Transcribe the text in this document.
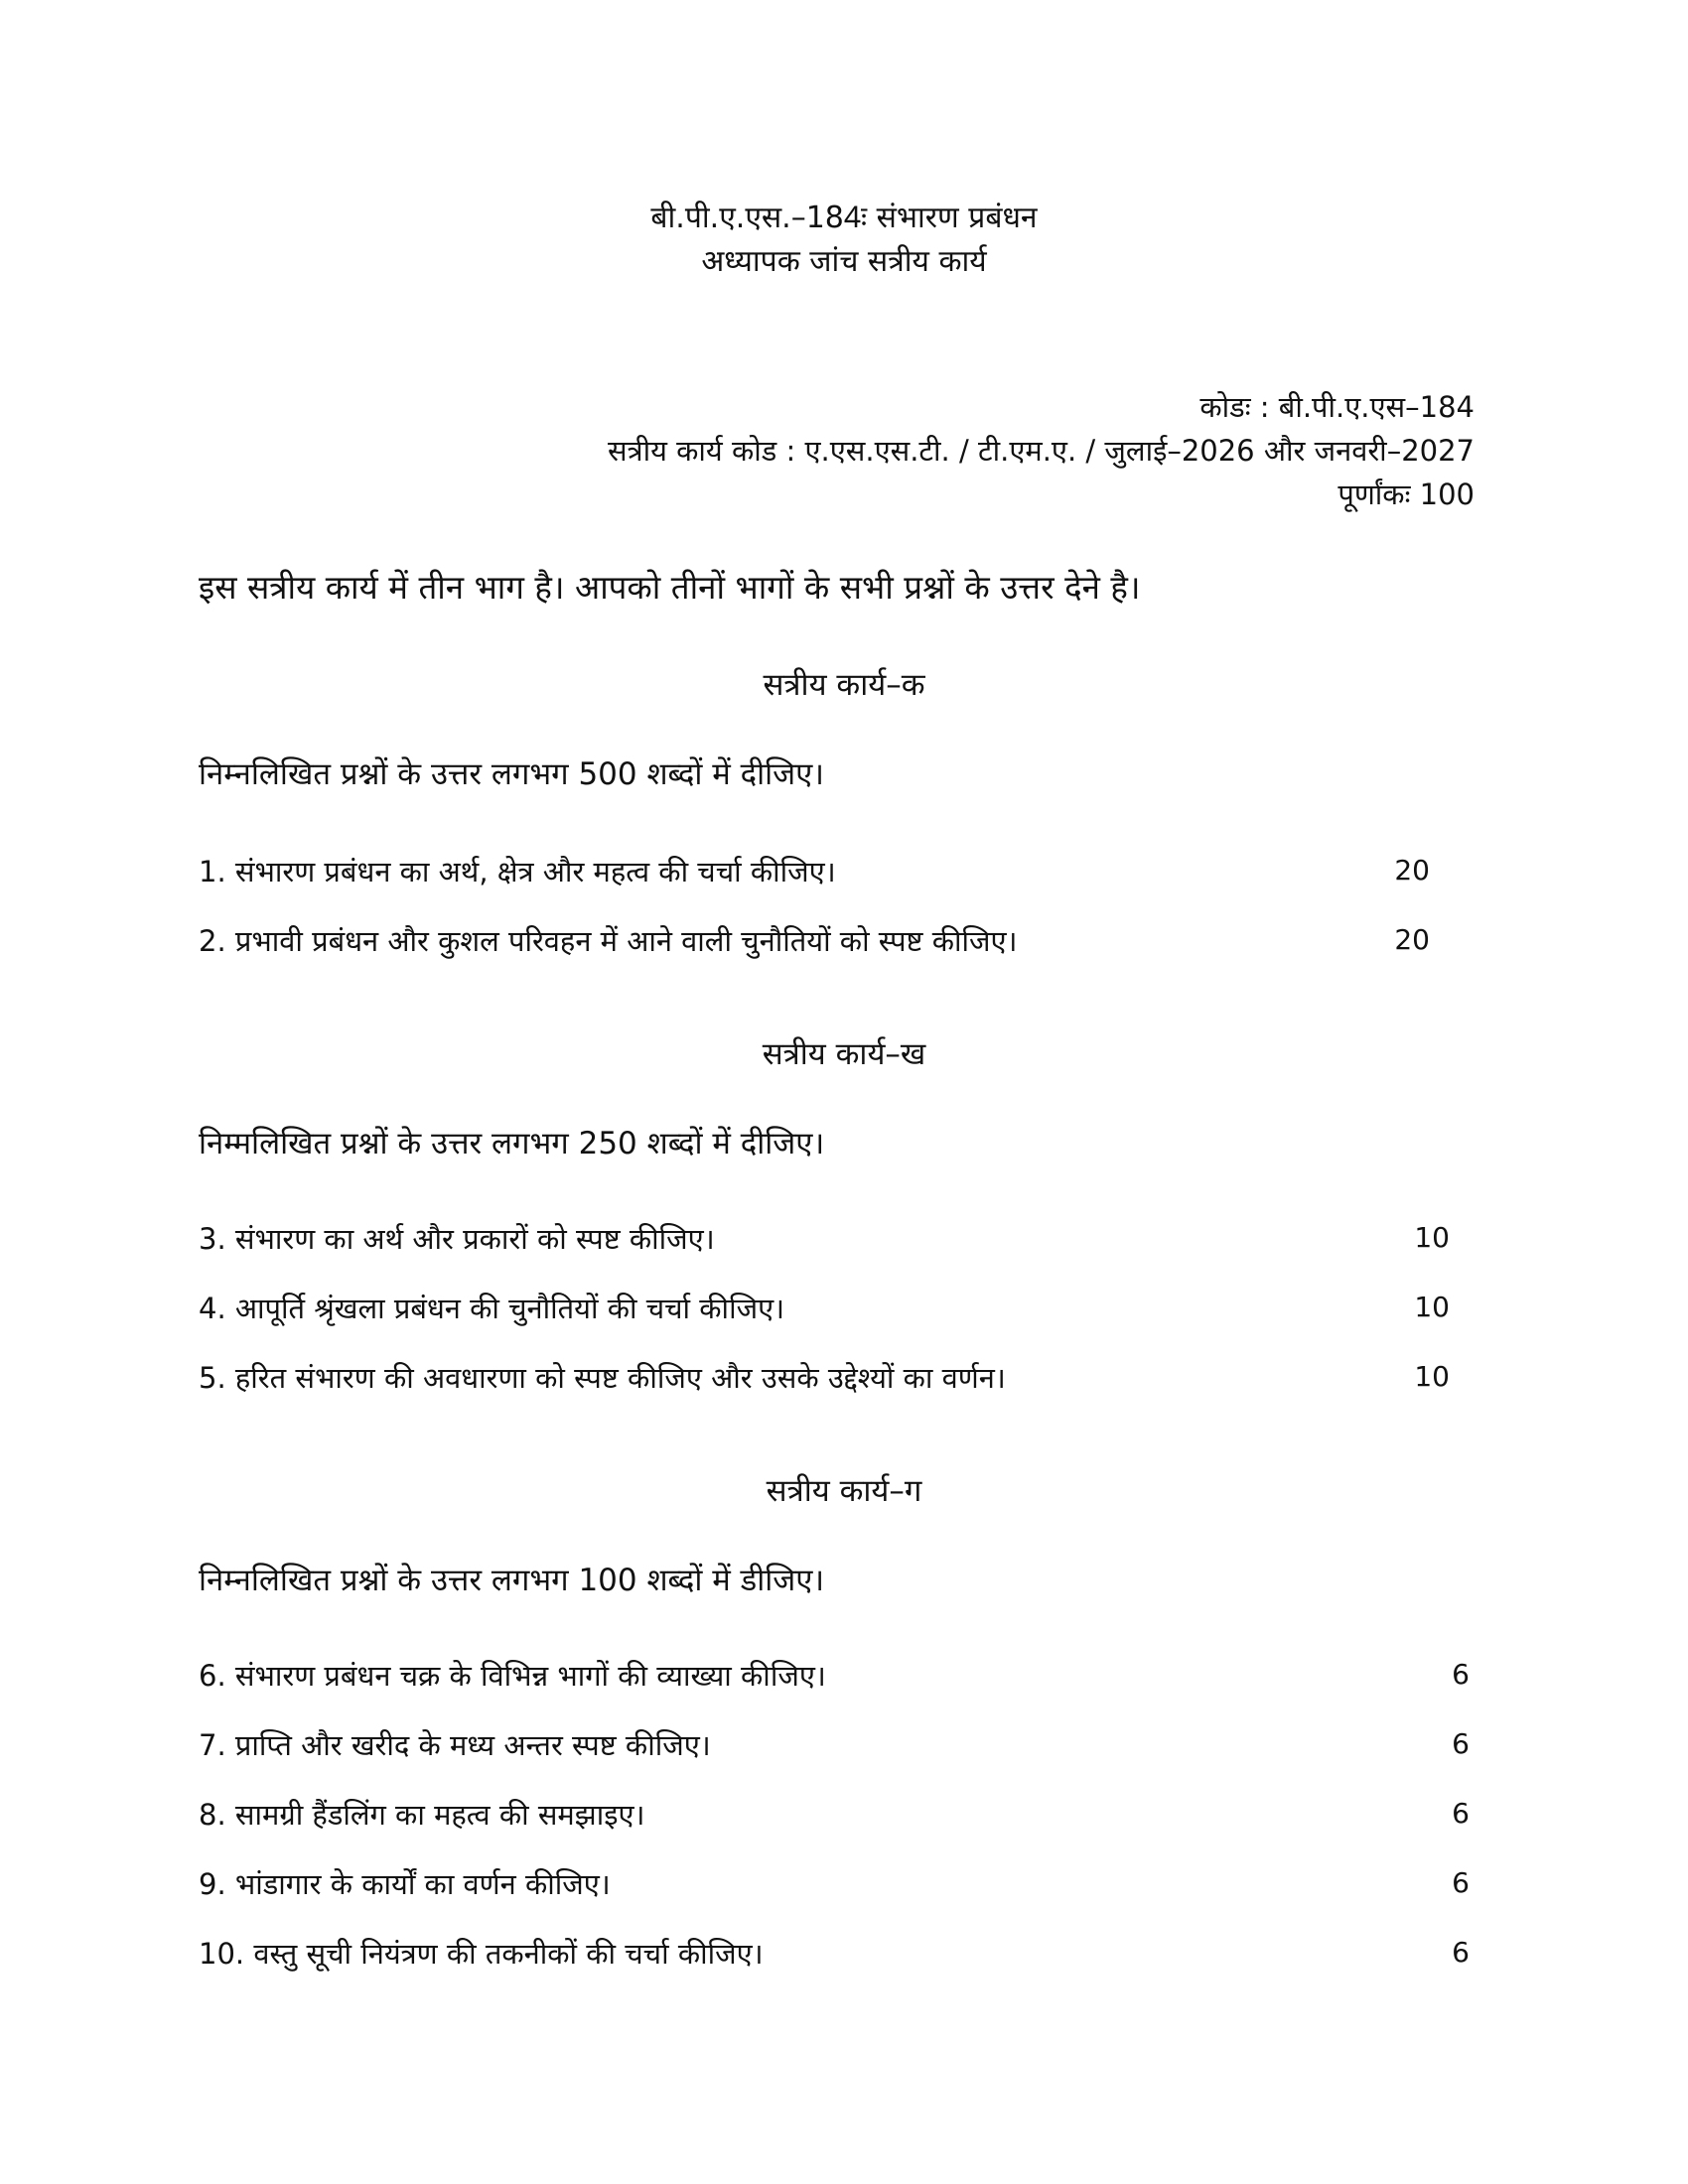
बी.पी.ए.एस.–184ः संभारण प्रबंधन
अध्यापक जांच सत्रीय कार्य
कोडः : बी.पी.ए.एस–184
सत्रीय कार्य कोड : ए.एस.एस.टी. / टी.एम.ए. / जुलाई–2026 और जनवरी–2027
पूर्णांकः 100
इस सत्रीय कार्य में तीन भाग है। आपको तीनों भागों के सभी प्रश्नों के उत्तर देने है।
सत्रीय कार्य–क
निम्नलिखित प्रश्नों के उत्तर लगभग 500 शब्दों में दीजिए।
1. संभारण प्रबंधन का अर्थ, क्षेत्र और महत्व की चर्चा कीजिए।	20
2. प्रभावी प्रबंधन और कुशल परिवहन में आने वाली चुनौतियों को स्पष्ट कीजिए।	20
सत्रीय कार्य–ख
निम्मलिखित प्रश्नों के उत्तर लगभग 250 शब्दों में दीजिए।
3. संभारण का अर्थ और प्रकारों को स्पष्ट कीजिए।	10
4. आपूर्ति श्रृंखला प्रबंधन की चुनौतियों की चर्चा कीजिए।	10
5. हरित संभारण की अवधारणा को स्पष्ट कीजिए और उसके उद्देश्यों का वर्णन।	10
सत्रीय कार्य–ग
निम्नलिखित प्रश्नों के उत्तर लगभग 100 शब्दों में डीजिए।
6. संभारण प्रबंधन चक्र के विभिन्न भागों की व्याख्या कीजिए।	6
7. प्राप्ति और खरीद के मध्य अन्तर स्पष्ट कीजिए।	6
8. सामग्री हैंडलिंग का महत्व की समझाइए।	6
9. भांडागार के कार्यों का वर्णन कीजिए।	6
10. वस्तु सूची नियंत्रण की तकनीकों की चर्चा कीजिए।	6
